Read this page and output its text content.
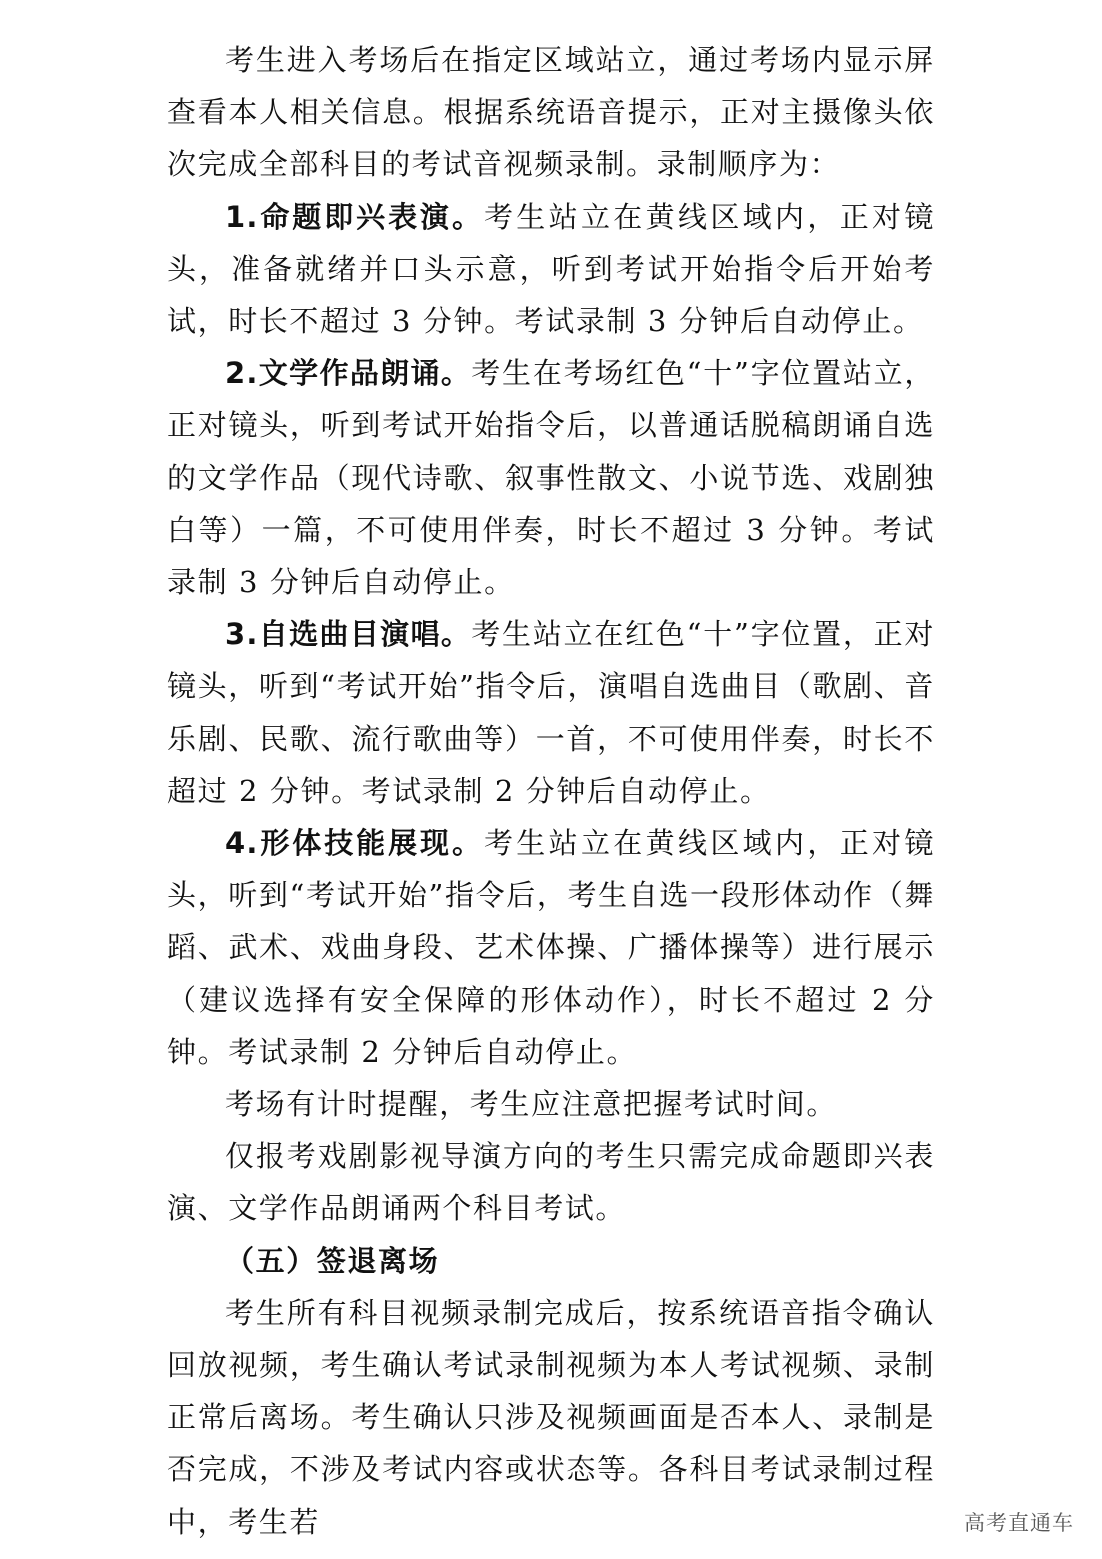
考生进入考场后在指定区域站立，通过考场内显示屏查看本人相关信息。根据系统语音提示，正对主摄像头依次完成全部科目的考试音视频录制。录制顺序为：

1.命题即兴表演。考生站立在黄线区域内，正对镜头，准备就绪并口头示意，听到考试开始指令后开始考试，时长不超过 3 分钟。考试录制 3 分钟后自动停止。

2.文学作品朗诵。考生在考场红色“十”字位置站立，正对镜头，听到考试开始指令后，以普通话脱稿朗诵自选的文学作品（现代诗歌、叙事性散文、小说节选、戏剧独白等）一篇，不可使用伴奏，时长不超过 3 分钟。考试录制 3 分钟后自动停止。

3.自选曲目演唱。考生站立在红色“十”字位置，正对镜头，听到“考试开始”指令后，演唱自选曲目（歌剧、音乐剧、民歌、流行歌曲等）一首，不可使用伴奏，时长不超过 2 分钟。考试录制 2 分钟后自动停止。

4.形体技能展现。考生站立在黄线区域内，正对镜头，听到“考试开始”指令后，考生自选一段形体动作（舞蹈、武术、戏曲身段、艺术体操、广播体操等）进行展示（建议选择有安全保障的形体动作），时长不超过 2 分钟。考试录制 2 分钟后自动停止。

考场有计时提醒，考生应注意把握考试时间。

仅报考戏剧影视导演方向的考生只需完成命题即兴表演、文学作品朗诵两个科目考试。

（五）签退离场

考生所有科目视频录制完成后，按系统语音指令确认回放视频，考生确认考试录制视频为本人考试视频、录制正常后离场。考生确认只涉及视频画面是否本人、录制是否完成，不涉及考试内容或状态等。各科目考试录制过程中，考生若	高考直通车
